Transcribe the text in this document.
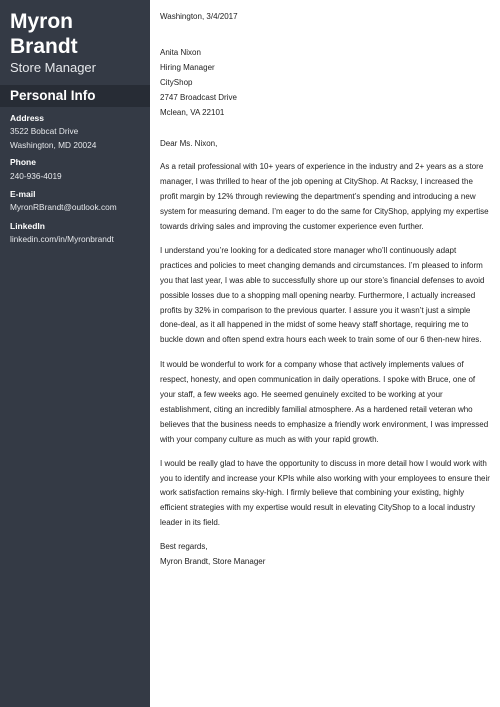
Myron
Brandt
Store Manager
Personal Info
Address
3522 Bobcat Drive
Washington, MD 20024
Phone
240-936-4019
E-mail
MyronRBrandt@outlook.com
LinkedIn
linkedin.com/in/Myronbrandt

Washington, 3/4/2017

Anita Nixon
Hiring Manager
CityShop
2747 Broadcast Drive
Mclean, VA 22101

Dear Ms. Nixon,

As a retail professional with 10+ years of experience in the industry and 2+ years as a store manager, I was thrilled to hear of the job opening at CityShop. At Racksy, I increased the profit margin by 12% through reviewing the department’s spending and introducing a new system for measuring demand. I’m eager to do the same for CityShop, applying my expertise towards driving sales and improving the customer experience even further.

I understand you’re looking for a dedicated store manager who’ll continuously adapt practices and policies to meet changing demands and circumstances. I’m pleased to inform you that last year, I was able to successfully shore up our store’s financial defenses to avoid possible losses due to a shopping mall opening nearby. Furthermore, I actually increased profits by 32% in comparison to the previous quarter. I assure you it wasn’t just a simple done-deal, as it all happened in the midst of some heavy staff shortage, requiring me to buckle down and often spend extra hours each week to train some of our 6 then-new hires.

It would be wonderful to work for a company whose that actively implements values of respect, honesty, and open communication in daily operations. I spoke with Bruce, one of your staff, a few weeks ago. He seemed genuinely excited to be working at your establishment, citing an incredibly familial atmosphere. As a hardened retail veteran who believes that the business needs to emphasize a friendly work environment, I was impressed with your company culture as much as with your rapid growth.

I would be really glad to have the opportunity to discuss in more detail how I would work with you to identify and increase your KPIs while also working with your employees to ensure their work satisfaction remains sky-high. I firmly believe that combining your existing, highly efficient strategies with my expertise would result in elevating CityShop to a local industry leader in its field.

Best regards,
Myron Brandt, Store Manager
